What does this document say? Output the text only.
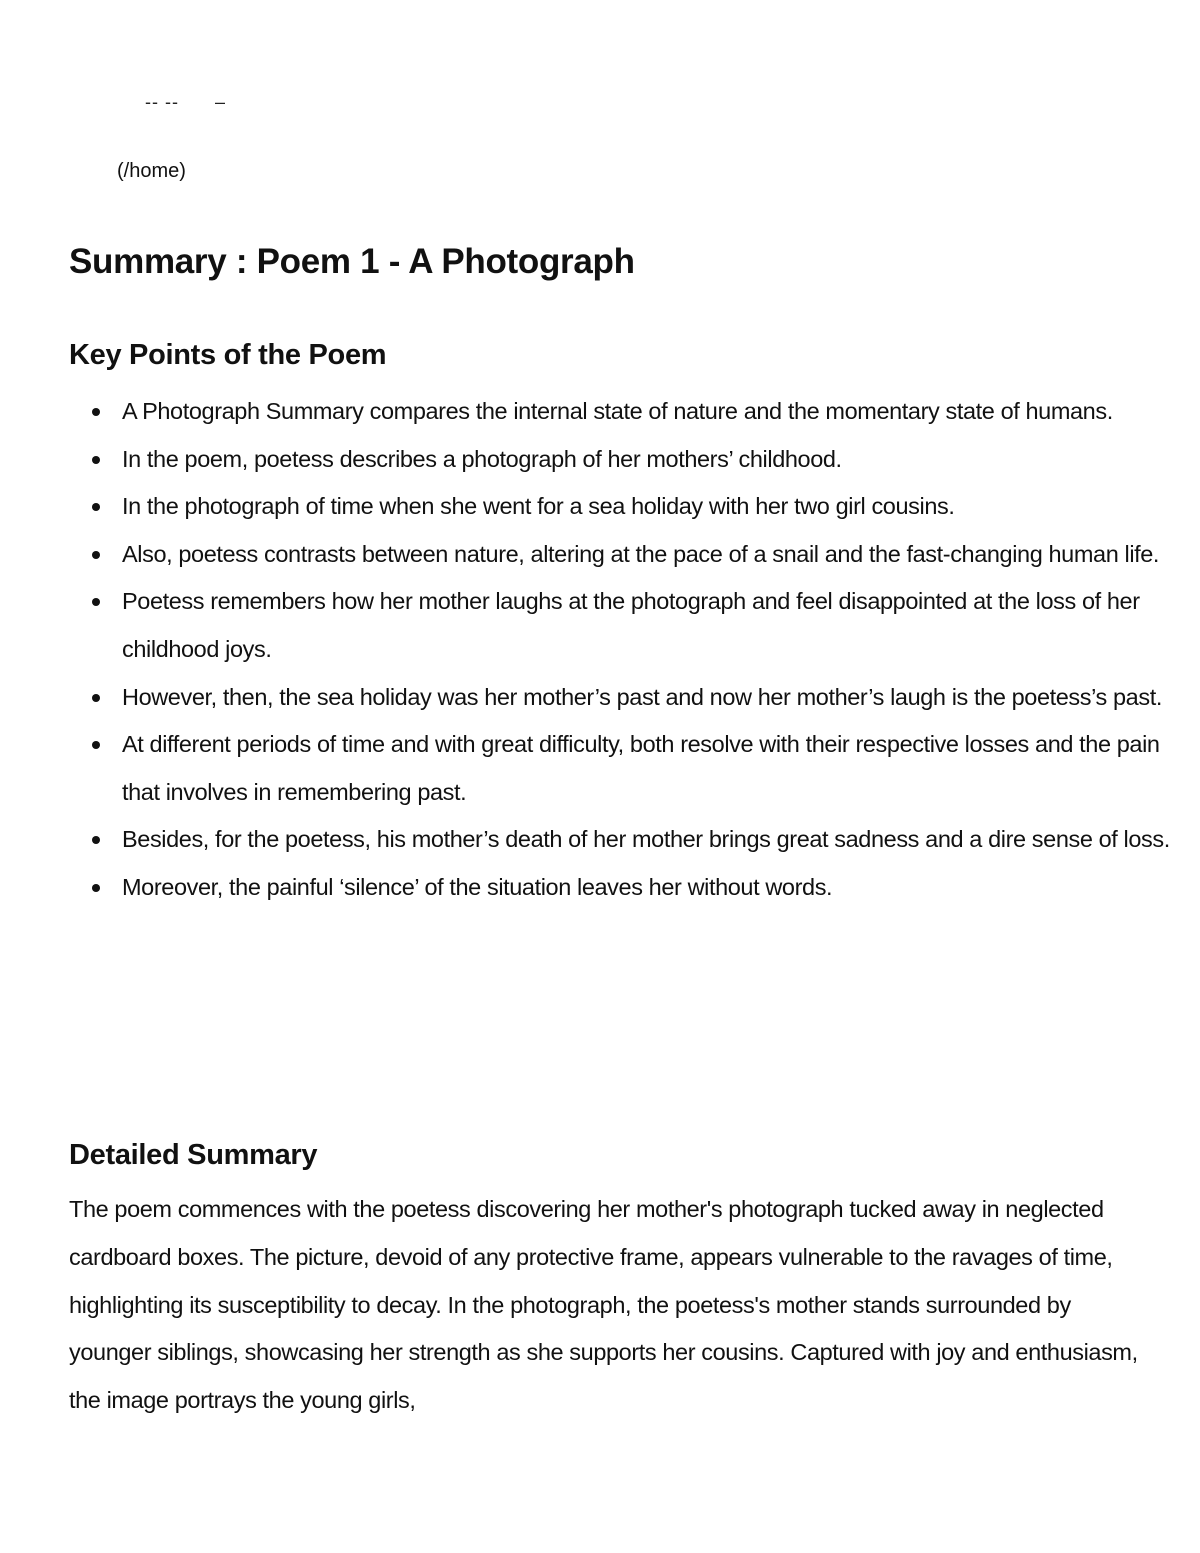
-- --      –
(/home)
Summary : Poem 1 - A Photograph
Key Points of the Poem
A Photograph Summary compares the internal state of nature and the momentary state of humans.
In the poem, poetess describes a photograph of her mothers’ childhood.
In the photograph of time when she went for a sea holiday with her two girl cousins.
Also, poetess contrasts between nature, altering at the pace of a snail and the fast-changing human life.
Poetess remembers how her mother laughs at the photograph and feel disappointed at the loss of her childhood joys.
However, then, the sea holiday was her mother’s past and now her mother’s laugh is the poetess’s past.
At different periods of time and with great difficulty, both resolve with their respective losses and the pain that involves in remembering past.
Besides, for the poetess, his mother’s death of her mother brings great sadness and a dire sense of loss.
Moreover, the painful ‘silence’ of the situation leaves her without words.
Detailed Summary

The poem commences with the poetess discovering her mother's photograph tucked away in neglected cardboard boxes. The picture, devoid of any protective frame, appears vulnerable to the ravages of time, highlighting its susceptibility to decay. In the photograph, the poetess's mother stands surrounded by younger siblings, showcasing her strength as she supports her cousins. Captured with joy and enthusiasm, the image portrays the young girls,
